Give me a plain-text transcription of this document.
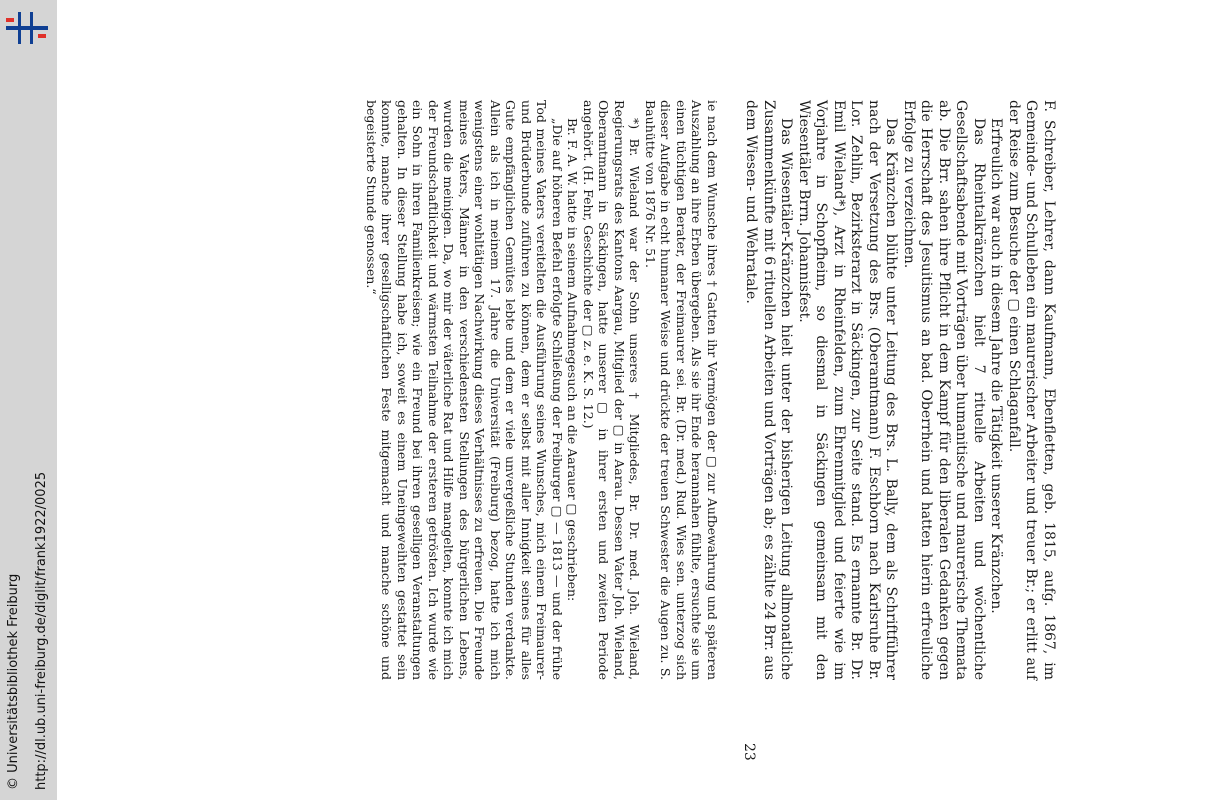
http://dl.ub.uni-freiburg.de/diglit/frank1922/0025
© Universitätsbibliothek Freiburg

F. Schreiber, Lehrer, dann Kaufmann, Ebenfletten, geb. 1815, aufg. 1867, im Gemeinde- und Schulleben ein maurerischer Arbeiter und treuer Br.; er erlitt auf der Reise zum Besuche der ▢ einen Schlaganfall.

Erfreulich war auch in diesem Jahre die Tätigkeit unserer Kränzchen.

Das Rheintalkränzchen hielt 7 rituelle Arbeiten und wöchentliche Gesellschaftsabende mit Vorträgen über humanitische und maurerische Themata ab. Die Brr. sahen ihre Pflicht in dem Kampf für den liberalen Gedanken gegen die Herrschaft des Jesuitismus an bad. Oberrhein und hatten hierin erfreuliche Erfolge zu verzeichnen.

Das Kränzchen blühte unter Leitung des Brs. L. Bally, dem als Schriftführer nach der Versetzung des Brs. (Oberamtmann) F. Eschborn nach Karlsruhe Br. Lor. Zehlin, Bezirksterarzt in Säckingen, zur Seite stand. Es ernannte Br. Dr. Emil Wieland*), Arzt in Rheinfelden, zum Ehrenmitglied und feierte wie im Vorjahre in Schopfheim, so diesmal in Säckingen gemeinsam mit den Wiesentäler Brrn. Johannisfest.

Das Wiesentäler-Kränzchen hielt unter der bisherigen Leitung allmonatliche Zusammenkünfte mit 6 rituellen Arbeiten und Vorträgen ab; es zählte 24 Brr. aus dem Wiesen- und Wehratale.

ie nach dem Wunsche ihres † Gatten ihr Vermögen der ▢ zur Aufbewahrung und späteren Auszahlung an ihre Erben übergeben. Als sie ihr Ende herannahen fühlte, ersuchte sie um einen tüchtigen Berater, der Freimaurer sei. Br. (Dr. med.) Rud. Wies sen. unterzog sich dieser Aufgabe in echt humaner Weise und drückte der treuen Schwester die Augen zu. S. Bauhütte von 1876 Nr. 51.

*) Br. Wieland war der Sohn unseres † Mitgliedes, Br. Dr. med. Joh. Wieland, Regierungsrats des Kantons Aargau, Mitglied der ▢ in Aarau. Dessen Vater Joh. Wieland, Oberamtmann in Säckingen, hatte unserer ▢ in ihrer ersten und zweiten Periode angehört. (H. Fehr, Geschichte der ▢ z. e. K. S. 12.)

Br. F. A. W. hatte in seinem Aufnahmegesuch an die Aarauer ▢ geschrieben:

„Die auf höheren Befehl erfolgte Schließung der Freiburger ▢ — 1813 — und der frühe Tod meines Vaters vereitelten die Ausführung seines Wunsches, mich einem Freimaurer- und Brüderbunde zuführen zu können, dem er selbst mit aller Innigkeit seines für alles Gute empfänglichen Gemütes lebte und dem er viele unvergeßliche Stunden verdankte. Allein als ich in meinem 17. Jahre die Universität (Freiburg) bezog, hatte ich mich wenigstens einer wohltätigen Nachwirkung dieses Verhältnisses zu erfreuen. Die Freunde meines Vaters, Männer in den verschiedensten Stellungen des bürgerlichen Lebens, wurden die meinigen. Da, wo mir der väterliche Rat und Hilfe mangelten, konnte ich mich der Freundschaftlichkeit und wärmsten Teilnahme der ersteren getrösten. Ich wurde wie ein Sohn in ihren Familienkreisen; wie ein Freund bei ihren geselligen Veranstaltungen gehalten. In dieser Stellung habe ich, soweit es einem Uneingeweihten gestattet sein konnte, manche ihrer geselligschaftlichen Feste mitgemacht und manche schöne und begeisterte Stunde genossen.“

23
